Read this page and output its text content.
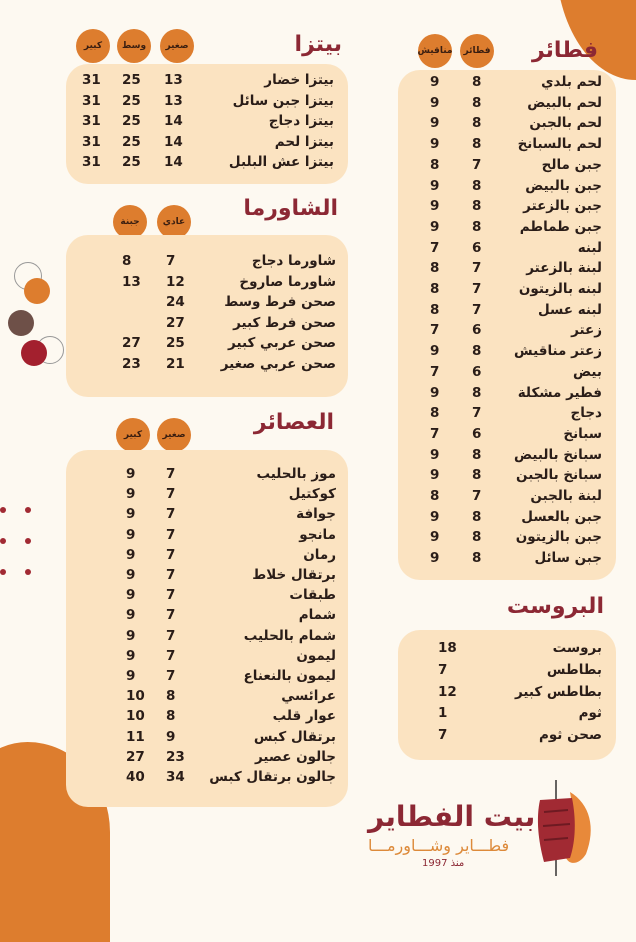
فطائر
فطائر
مناقيش
لحم بلدي
8
9
لحم بالبيض
8
9
لحم بالجبن
8
9
لحم بالسبانخ
8
9
جبن مالح
7
8
جبن بالبيض
8
9
جبن بالزعتر
8
9
جبن طماطم
8
9
لبنه
6
7
لبنة بالزعتر
7
8
لبنه بالزيتون
7
8
لبنه عسل
7
8
زعتر
6
7
زعتر مناقيش
8
9
بيض
6
7
فطير مشكلة
8
9
دجاج
7
8
سبانخ
6
7
سبانخ بالبيض
8
9
سبانخ بالجبن
8
9
لبنة بالجبن
7
8
جبن بالعسل
8
9
جبن بالزيتون
8
9
جبن سائل
8
9
بيتزا
صغير
وسط
كبير
بيتزا خضار
13
25
31
بيتزا جبن سائل
13
25
31
بيتزا دجاج
14
25
31
بيتزا لحم
14
25
31
بيتزا عش البلبل
14
25
31
الشاورما
عادي
جبنة
شاورما دجاج
7
8
شاورما صاروخ
12
13
صحن فرط وسط
24
صحن فرط كبير
27
صحن عربي كبير
25
27
صحن عربي صغير
21
23
العصائر
صغير
كبير
موز بالحليب
7
9
كوكتيل
7
9
جوافة
7
9
مانجو
7
9
رمان
7
9
برتقال خلاط
7
9
طبقات
7
9
شمام
7
9
شمام بالحليب
7
9
ليمون
7
9
ليمون بالنعناع
7
9
عرائسي
8
10
عوار قلب
8
10
برتقال كبس
9
11
جالون عصير
23
27
جالون برتقال كبس
34
40
البروست
بروست
18
بطاطس
7
بطاطس كبير
12
ثوم
1
صحن ثوم
7
بيت الفطاير
فطـــاير وشـــاورمـــا
منذ 1997
